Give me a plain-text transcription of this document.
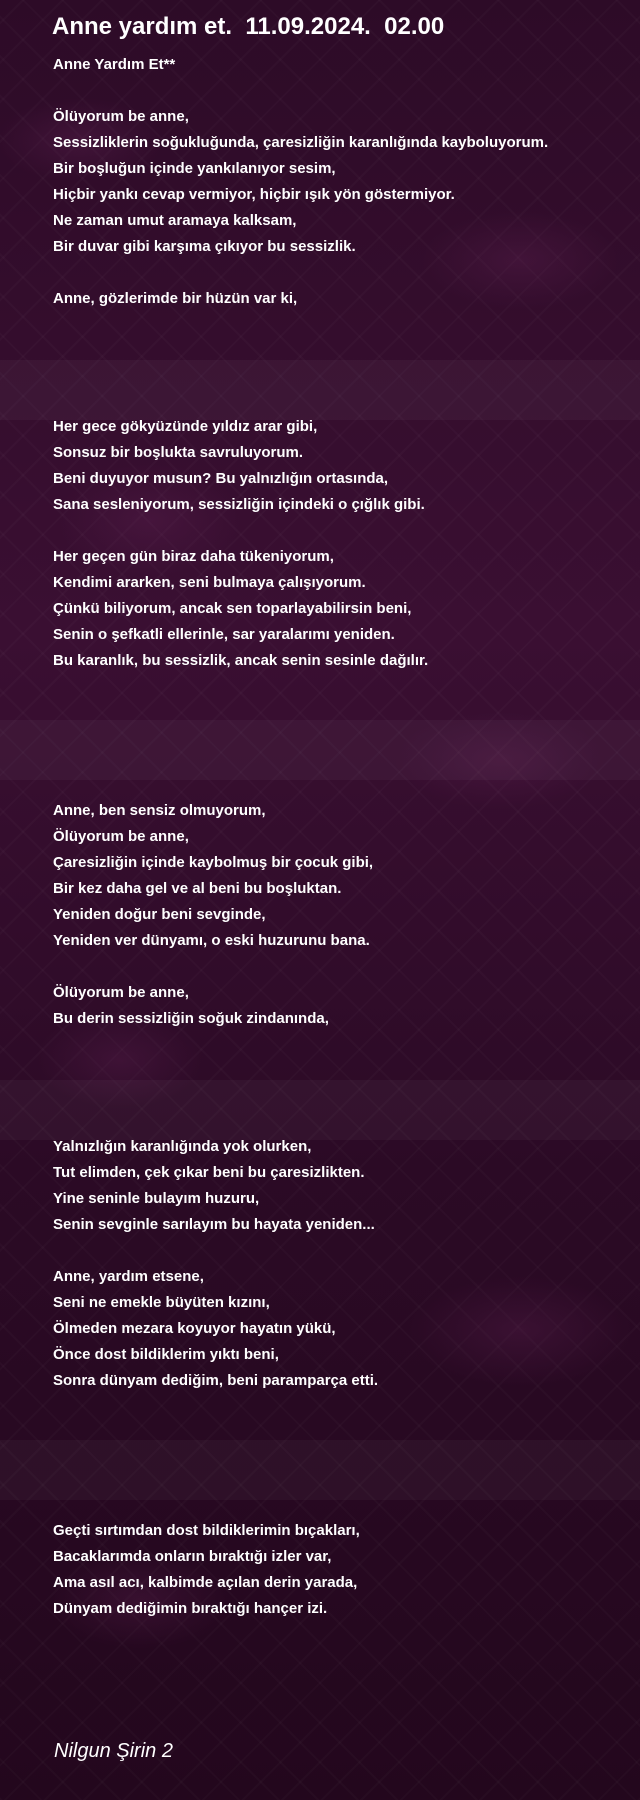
Anne yardım et.  11.09.2024.  02.00
Anne Yardım Et**
Ölüyorum be anne,
Sessizliklerin soğukluğunda, çaresizliğin karanlığında kayboluyorum.
Bir boşluğun içinde yankılanıyor sesim,
Hiçbir yankı cevap vermiyor, hiçbir ışık yön göstermiyor.
Ne zaman umut aramaya kalksam,
Bir duvar gibi karşıma çıkıyor bu sessizlik.
Anne, gözlerimde bir hüzün var ki,
Her gece gökyüzünde yıldız arar gibi,
Sonsuz bir boşlukta savruluyorum.
Beni duyuyor musun? Bu yalnızlığın ortasında,
Sana sesleniyorum, sessizliğin içindeki o çığlık gibi.
Her geçen gün biraz daha tükeniyorum,
Kendimi ararken, seni bulmaya çalışıyorum.
Çünkü biliyorum, ancak sen toparlayabilirsin beni,
Senin o şefkatli ellerinle, sar yaralarımı yeniden.
Bu karanlık, bu sessizlik, ancak senin sesinle dağılır.
Anne, ben sensiz olmuyorum,
Ölüyorum be anne,
Çaresizliğin içinde kaybolmuş bir çocuk gibi,
Bir kez daha gel ve al beni bu boşluktan.
Yeniden doğur beni sevginde,
Yeniden ver dünyamı, o eski huzurunu bana.
Ölüyorum be anne,
Bu derin sessizliğin soğuk zindanında,
Yalnızlığın karanlığında yok olurken,
Tut elimden, çek çıkar beni bu çaresizlikten.
Yine seninle bulayım huzuru,
Senin sevginle sarılayım bu hayata yeniden...
Anne, yardım etsene,
Seni ne emekle büyüten kızını,
Ölmeden mezara koyuyor hayatın yükü,
Önce dost bildiklerim yıktı beni,
Sonra dünyam dediğim, beni paramparça etti.
Geçti sırtımdan dost bildiklerimin bıçakları,
Bacaklarımda onların bıraktığı izler var,
Ama asıl acı, kalbimde açılan derin yarada,
Dünyam dediğimin bıraktığı hançer izi.
Nilgun Şirin 2
